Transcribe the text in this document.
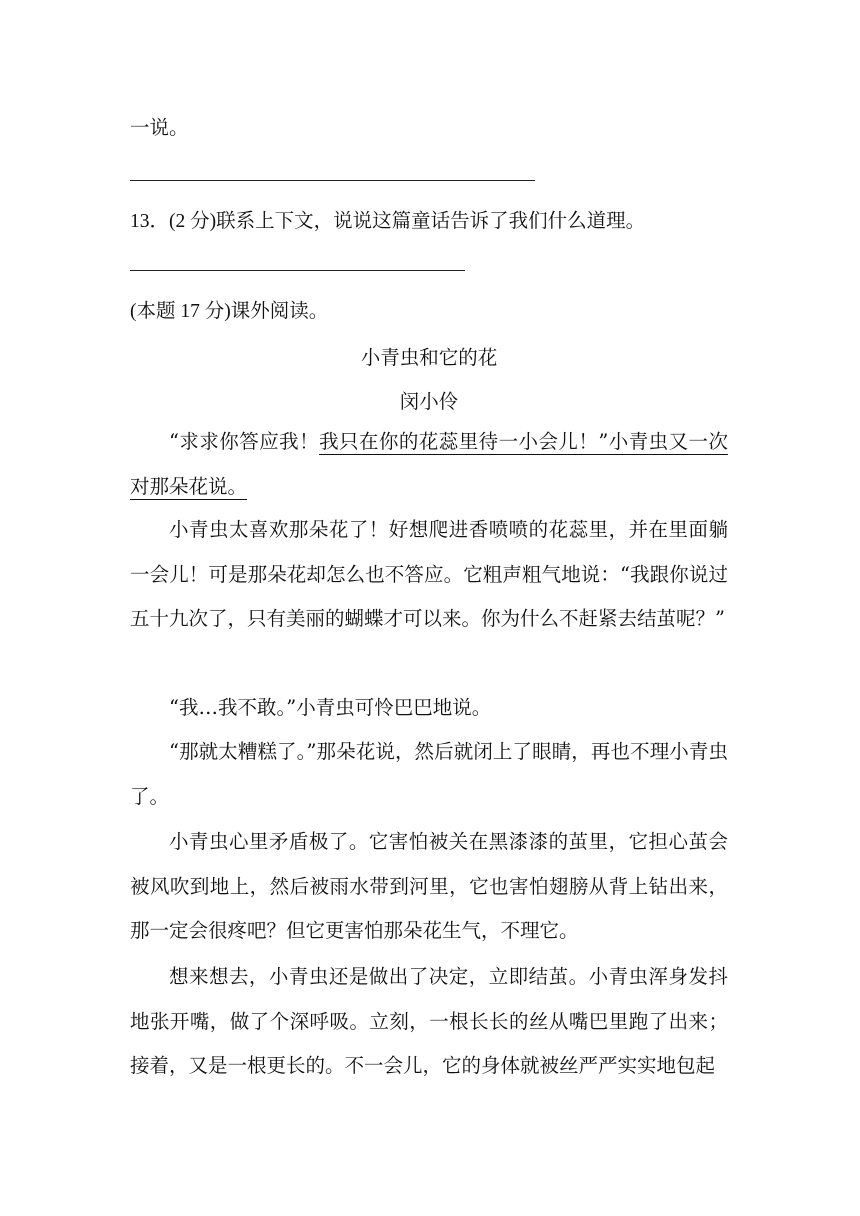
一说。
13．(2 分)联系上下文，说说这篇童话告诉了我们什么道理。
(本题 17 分)课外阅读。
小青虫和它的花
闵小伶
“求求你答应我！我只在你的花蕊里待一小会儿！”小青虫又一次对那朵花说。
小青虫太喜欢那朵花了！好想爬进香喷喷的花蕊里，并在里面躺一会儿！可是那朵花却怎么也不答应。它粗声粗气地说：“我跟你说过五十九次了，只有美丽的蝴蝶才可以来。你为什么不赶紧去结茧呢？”
“我…我不敢。”小青虫可怜巴巴地说。
“那就太糟糕了。”那朵花说，然后就闭上了眼睛，再也不理小青虫了。
小青虫心里矛盾极了。它害怕被关在黑漆漆的茧里，它担心茧会被风吹到地上，然后被雨水带到河里，它也害怕翅膀从背上钻出来，那一定会很疼吧？但它更害怕那朵花生气，不理它。
想来想去，小青虫还是做出了决定，立即结茧。小青虫浑身发抖地张开嘴，做了个深呼吸。立刻，一根长长的丝从嘴巴里跑了出来；接着，又是一根更长的。不一会儿，它的身体就被丝严严实实地包起
